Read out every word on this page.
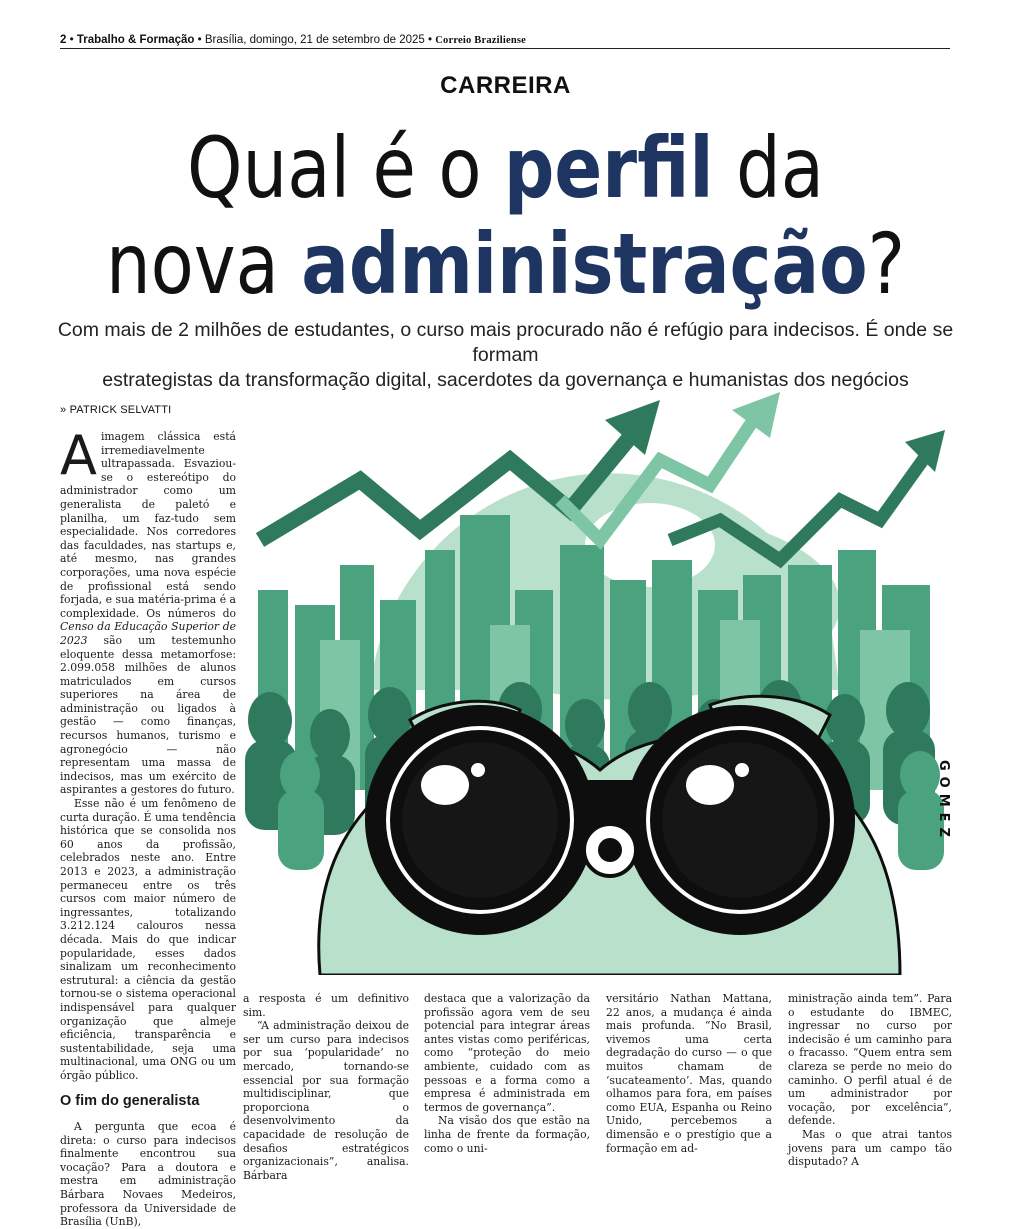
2 • Trabalho & Formação • Brasília, domingo, 21 de setembro de 2025 • Correio Braziliense
CARREIRA
Qual é o perfil da
nova administração?
Com mais de 2 milhões de estudantes, o curso mais procurado não é refúgio para indecisos. É onde se formam
estrategistas da transformação digital, sacerdotes da governança e humanistas dos negócios
» PATRICK SELVATTI

A imagem clássica está irremediavelmente ultrapassada. Esvaziou-se o estereótipo do administrador como um generalista de paletó e planilha, um faz-tudo sem especialidade. Nos corredores das faculdades, nas startups e, até mesmo, nas grandes corporações, uma nova espécie de profissional está sendo forjada, e sua matéria-prima é a complexidade. Os números do Censo da Educação Superior de 2023 são um testemunho eloquente dessa metamorfose: 2.099.058 milhões de alunos matriculados em cursos superiores na área de administração ou ligados à gestão — como finanças, recursos humanos, turismo e agronegócio — não representam uma massa de indecisos, mas um exército de aspirantes a gestores do futuro.

Esse não é um fenômeno de curta duração. É uma tendência histórica que se consolida nos 60 anos da profissão, celebrados neste ano. Entre 2013 e 2023, a administração permaneceu entre os três cursos com maior número de ingressantes, totalizando 3.212.124 calouros nessa década. Mais do que indicar popularidade, esses dados sinalizam um reconhecimento estrutural: a ciência da gestão tornou-se o sistema operacional indispensável para qualquer organização que almeje eficiência, transparência e sustentabilidade, seja uma multinacional, uma ONG ou um órgão público.

O fim do generalista

A pergunta que ecoa é direta: o curso para indecisos finalmente encontrou sua vocação? Para a doutora e mestra em administração Bárbara Novaes Medeiros, professora da Universidade de Brasília (UnB),

a resposta é um definitivo sim.

“A administração deixou de ser um curso para indecisos por sua ‘popularidade’ no mercado, tornando-se essencial por sua formação multidisciplinar, que proporciona o desenvolvimento da capacidade de resolução de desafios estratégicos organizacionais”, analisa. Bárbara

destaca que a valorização da profissão agora vem de seu potencial para integrar áreas antes vistas como periféricas, como “proteção do meio ambiente, cuidado com as pessoas e a forma como a empresa é administrada em termos de governança”.

Na visão dos que estão na linha de frente da formação, como o uni-

versitário Nathan Mattana, 22 anos, a mudança é ainda mais profunda. “No Brasil, vivemos uma certa degradação do curso — o que muitos chamam de ‘sucateamento’. Mas, quando olhamos para fora, em países como EUA, Espanha ou Reino Unido, percebemos a dimensão e o prestígio que a formação em ad-

ministração ainda tem”. Para o estudante do IBMEC, ingressar no curso por indecisão é um caminho para o fracasso. “Quem entra sem clareza se perde no meio do caminho. O perfil atual é de um administrador por vocação, por excelência”, defende.

Mas o que atrai tantos jovens para um campo tão disputado? A

GOMEZ
